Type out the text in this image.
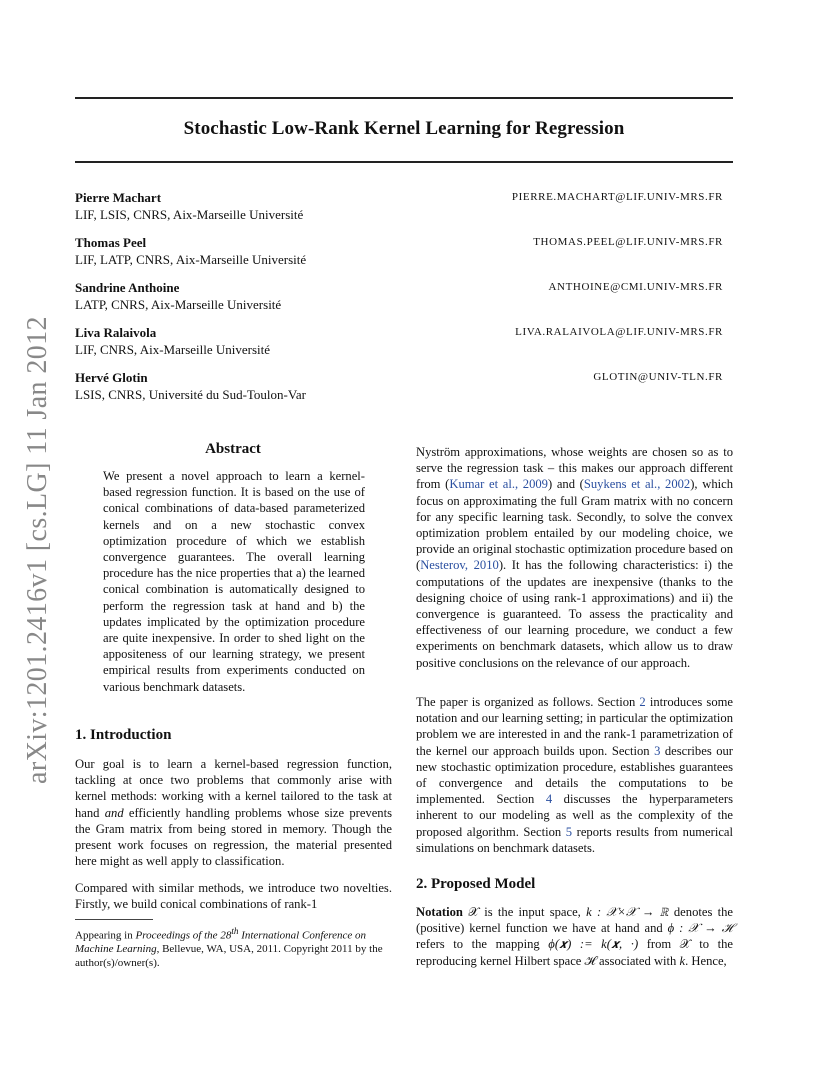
arXiv:1201.2416v1 [cs.LG] 11 Jan 2012
Stochastic Low-Rank Kernel Learning for Regression
Pierre Machart
LIF, LSIS, CNRS, Aix-Marseille Université
PIERRE.MACHART@LIF.UNIV-MRS.FR
Thomas Peel
LIF, LATP, CNRS, Aix-Marseille Université
THOMAS.PEEL@LIF.UNIV-MRS.FR
Sandrine Anthoine
LATP, CNRS, Aix-Marseille Université
ANTHOINE@CMI.UNIV-MRS.FR
Liva Ralaivola
LIF, CNRS, Aix-Marseille Université
LIVA.RALAIVOLA@LIF.UNIV-MRS.FR
Hervé Glotin
LSIS, CNRS, Université du Sud-Toulon-Var
GLOTIN@UNIV-TLN.FR
Abstract
We present a novel approach to learn a kernel-based regression function. It is based on the use of conical combinations of data-based parameterized kernels and on a new stochastic convex optimization procedure of which we establish convergence guarantees. The overall learning procedure has the nice properties that a) the learned conical combination is automatically designed to perform the regression task at hand and b) the updates implicated by the optimization procedure are quite inexpensive. In order to shed light on the appositeness of our learning strategy, we present empirical results from experiments conducted on various benchmark datasets.
1. Introduction
Our goal is to learn a kernel-based regression function, tackling at once two problems that commonly arise with kernel methods: working with a kernel tailored to the task at hand and efficiently handling problems whose size prevents the Gram matrix from being stored in memory. Though the present work focuses on regression, the material presented here might as well apply to classification.
Compared with similar methods, we introduce two novelties. Firstly, we build conical combinations of rank-1
Appearing in Proceedings of the 28th International Conference on Machine Learning, Bellevue, WA, USA, 2011. Copyright 2011 by the author(s)/owner(s).
Nyström approximations, whose weights are chosen so as to serve the regression task – this makes our approach different from (Kumar et al., 2009) and (Suykens et al., 2002), which focus on approximating the full Gram matrix with no concern for any specific learning task. Secondly, to solve the convex optimization problem entailed by our modeling choice, we provide an original stochastic optimization procedure based on (Nesterov, 2010). It has the following characteristics: i) the computations of the updates are inexpensive (thanks to the designing choice of using rank-1 approximations) and ii) the convergence is guaranteed. To assess the practicality and effectiveness of our learning procedure, we conduct a few experiments on benchmark datasets, which allow us to draw positive conclusions on the relevance of our approach.
The paper is organized as follows. Section 2 introduces some notation and our learning setting; in particular the optimization problem we are interested in and the rank-1 parametrization of the kernel our approach builds upon. Section 3 describes our new stochastic optimization procedure, establishes guarantees of convergence and details the computations to be implemented. Section 4 discusses the hyperparameters inherent to our modeling as well as the complexity of the proposed algorithm. Section 5 reports results from numerical simulations on benchmark datasets.
2. Proposed Model
Notation 𝒳 is the input space, k : 𝒳×𝒳 → ℝ denotes the (positive) kernel function we have at hand and ϕ : 𝒳 → ℋ refers to the mapping ϕ(𝒙) := k(𝒙, ·) from 𝒳 to the reproducing kernel Hilbert space ℋ associated with k. Hence,
